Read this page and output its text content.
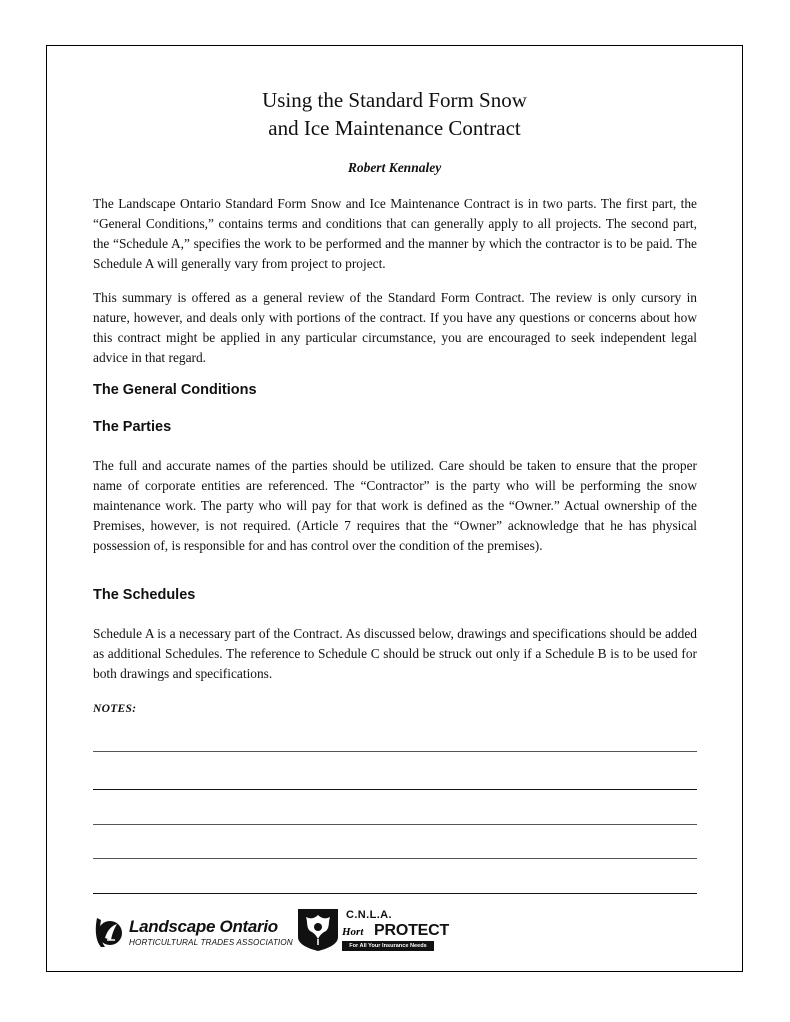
Using the Standard Form Snow
and Ice Maintenance Contract
Robert Kennaley

The Landscape Ontario Standard Form Snow and Ice Maintenance Contract is in two parts. The first part, the “General Conditions,” contains terms and conditions that can generally apply to all projects. The second part, the “Schedule A,” specifies the work to be performed and the manner by which the contractor is to be paid. The Schedule A will generally vary from project to project.

This summary is offered as a general review of the Standard Form Contract. The review is only cursory in nature, however, and deals only with portions of the contract. If you have any questions or concerns about how this contract might be applied in any particular circumstance, you are encouraged to seek independent legal advice in that regard.

The General Conditions
The Parties

The full and accurate names of the parties should be utilized. Care should be taken to ensure that the proper name of corporate entities are referenced. The “Contractor” is the party who will be performing the snow maintenance work. The party who will pay for that work is defined as the “Owner.” Actual ownership of the Premises, however, is not required. (Article 7 requires that the “Owner” acknowledge that he has physical possession of, is responsible for and has control over the condition of the premises).

The Schedules

Schedule A is a necessary part of the Contract. As discussed below, drawings and specifications should be added as additional Schedules. The reference to Schedule C should be struck out only if a Schedule B is to be used for both drawings and specifications.

NOTES:
Landscape Ontario
HORTICULTURAL TRADES ASSOCIATION
C.N.L.A.
Hort PROTECT
For All Your Insurance Needs
